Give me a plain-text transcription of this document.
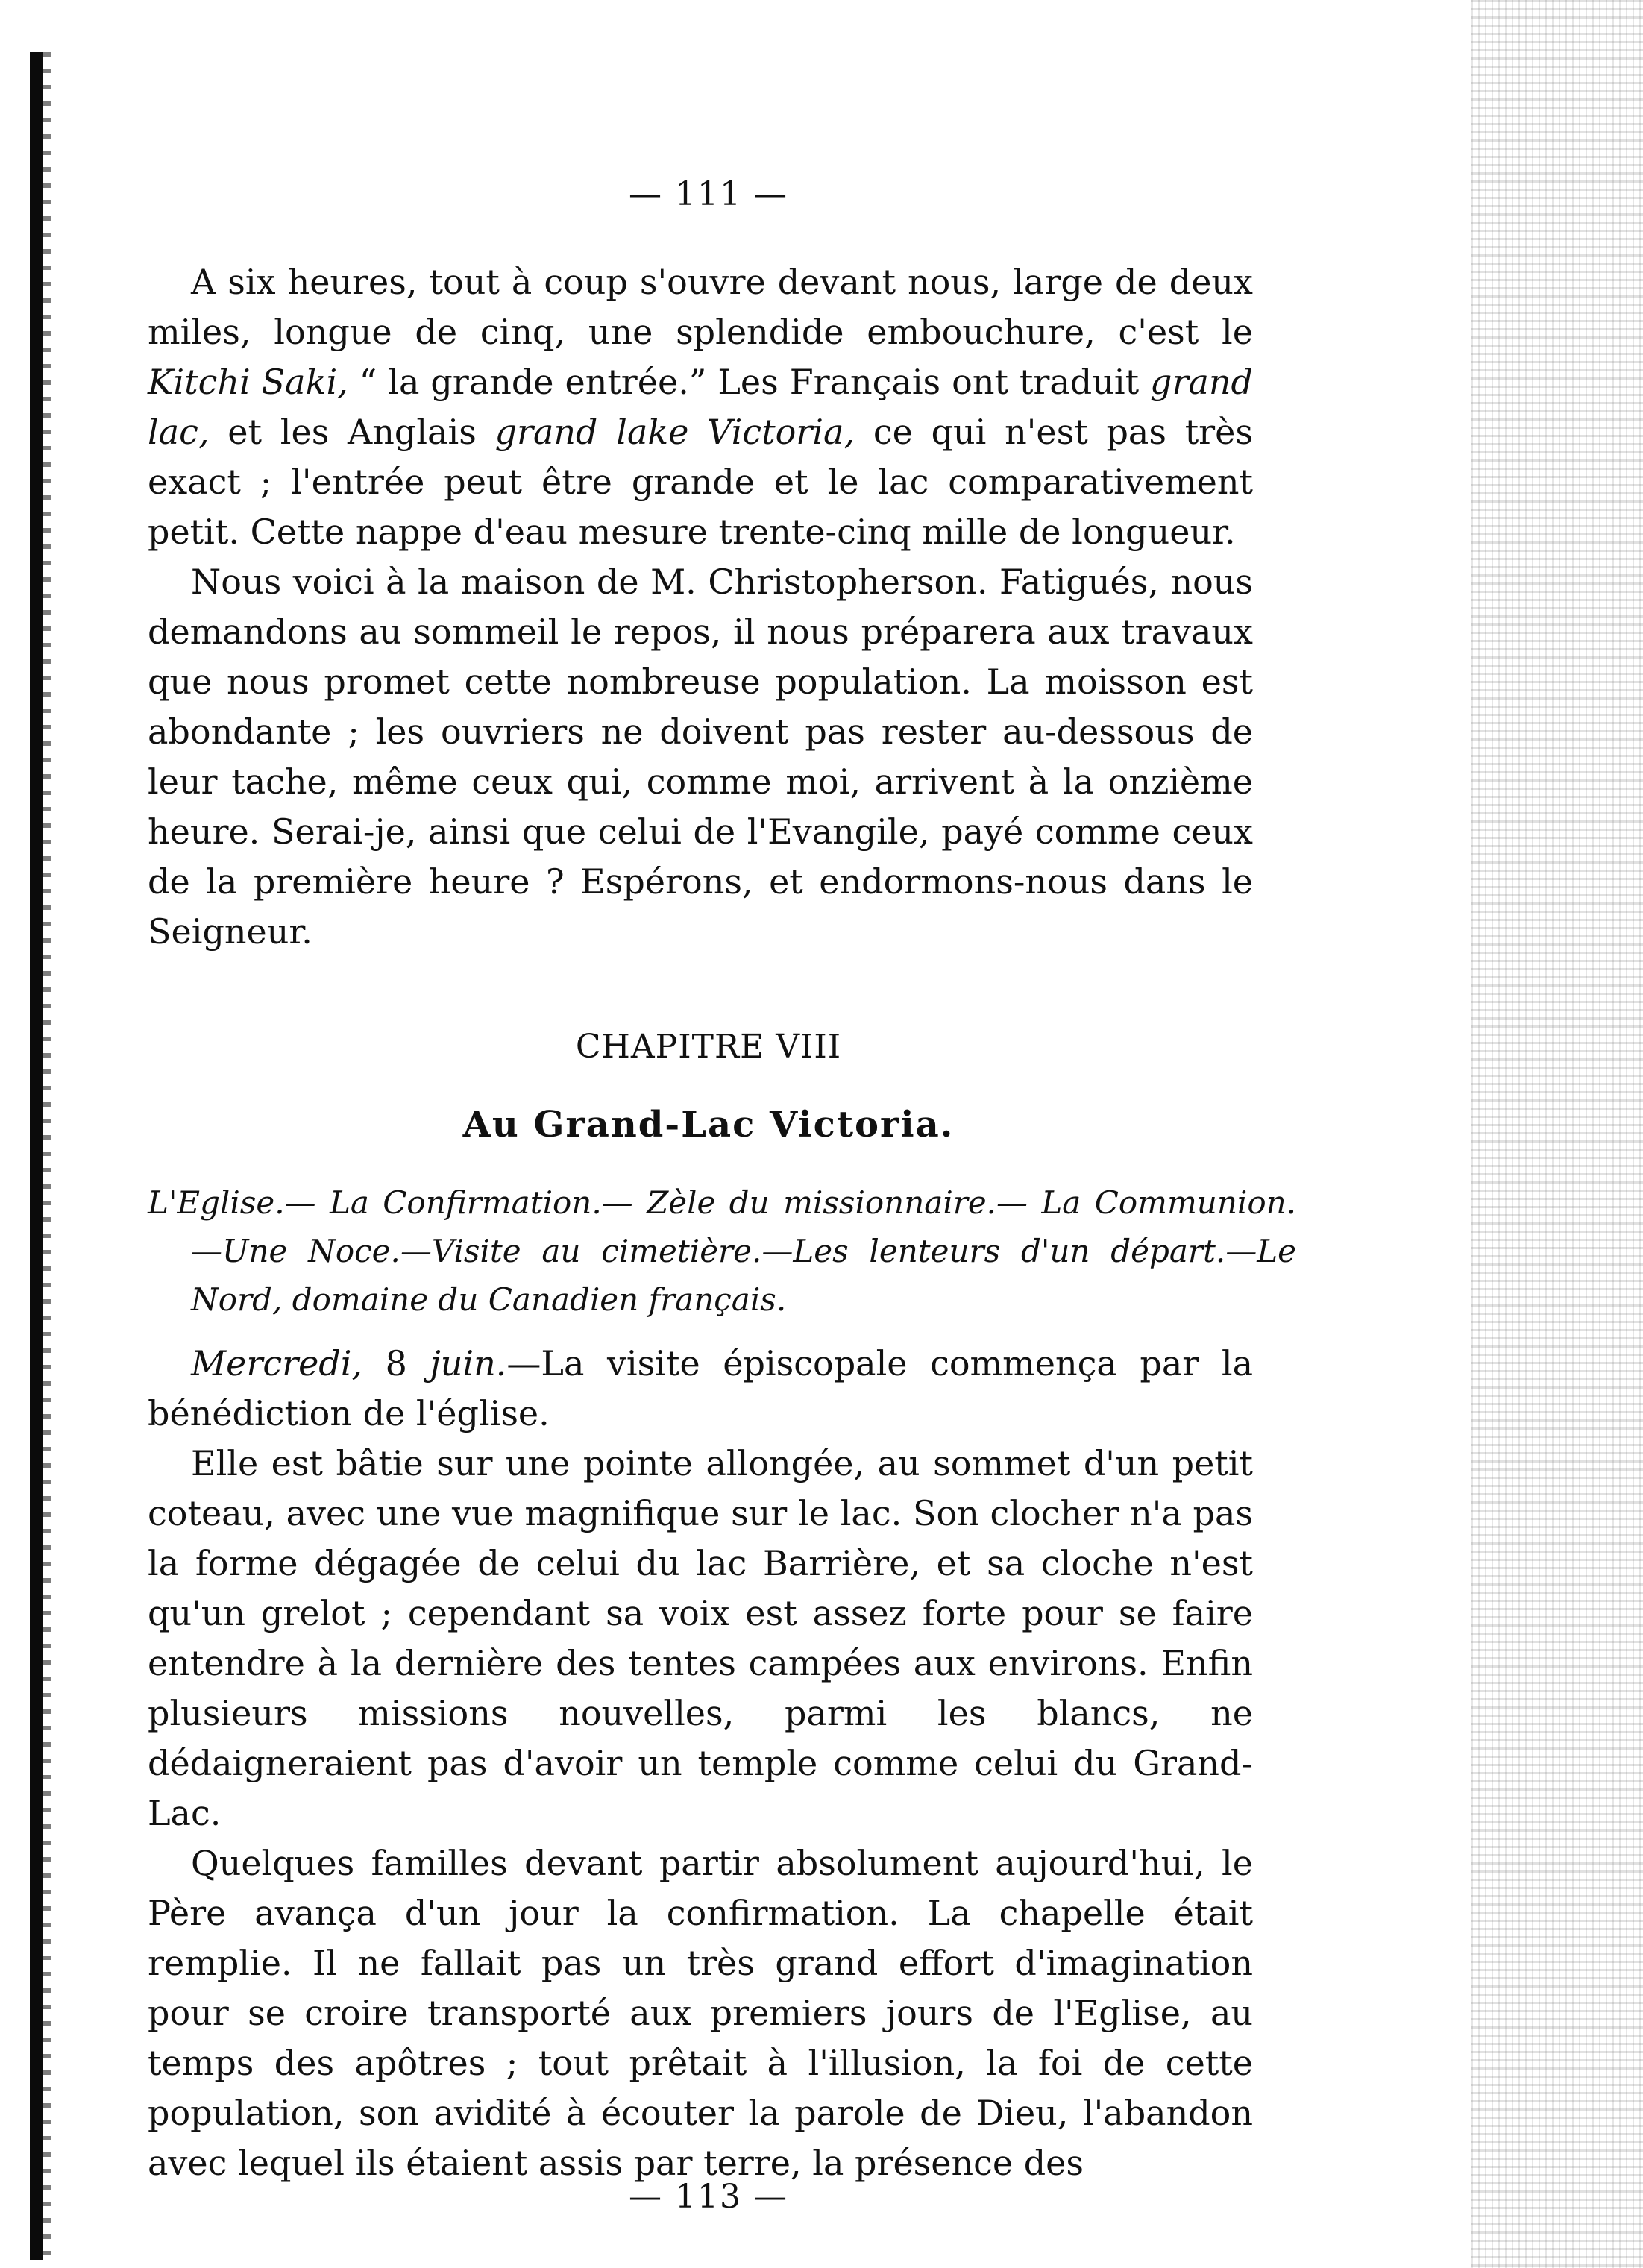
— 111 —

A six heures, tout à coup s'ouvre devant nous, large de deux miles, longue de cinq, une splendide embouchure, c'est le Kitchi Saki, “ la grande entrée.” Les Français ont traduit grand lac, et les Anglais grand lake Victoria, ce qui n'est pas très exact ; l'entrée peut être grande et le lac comparativement petit. Cette nappe d'eau mesure trente-cinq mille de longueur.

Nous voici à la maison de M. Christopherson. Fatigués, nous demandons au sommeil le repos, il nous préparera aux travaux que nous promet cette nombreuse population. La moisson est abondante ; les ouvriers ne doivent pas rester au-dessous de leur tache, même ceux qui, comme moi, arrivent à la onzième heure. Serai-je, ainsi que celui de l'Evangile, payé comme ceux de la première heure ? Espérons, et endormons-nous dans le Seigneur.

CHAPITRE VIII
Au Grand-Lac Victoria.
L'Eglise.— La Confirmation.— Zèle du missionnaire.— La Communion.—Une Noce.—Visite au cimetière.—Les lenteurs d'un départ.—Le Nord, domaine du Canadien français.

Mercredi, 8 juin.—La visite épiscopale commença par la bénédiction de l'église.

Elle est bâtie sur une pointe allongée, au sommet d'un petit coteau, avec une vue magnifique sur le lac. Son clocher n'a pas la forme dégagée de celui du lac Barrière, et sa cloche n'est qu'un grelot ; cependant sa voix est assez forte pour se faire entendre à la dernière des tentes campées aux environs. Enfin plusieurs missions nouvelles, parmi les blancs, ne dédaigneraient pas d'avoir un temple comme celui du Grand-Lac.

Quelques familles devant partir absolument aujourd'hui, le Père avança d'un jour la confirmation. La chapelle était remplie. Il ne fallait pas un très grand effort d'imagination pour se croire transporté aux premiers jours de l'Eglise, au temps des apôtres ; tout prêtait à l'illusion, la foi de cette population, son avidité à écouter la parole de Dieu, l'abandon avec lequel ils étaient assis par terre, la présence des

— 113 —
